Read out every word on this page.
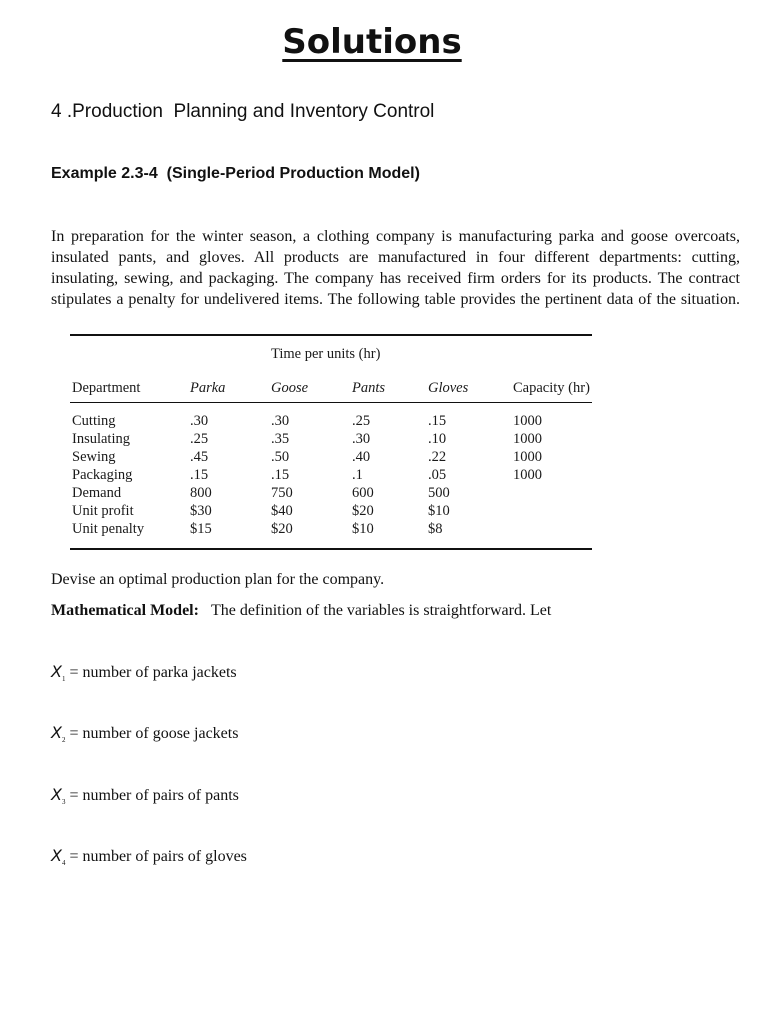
Solutions
4 .Production  Planning and Inventory Control
Example 2.3-4  (Single-Period Production Model)
In preparation for the winter season, a clothing company is manufacturing parka and goose overcoats, insulated pants, and gloves. All products are manufactured in four different departments: cutting, insulating, sewing, and packaging. The company has received firm orders for its products. The contract stipulates a penalty for undelivered items. The following table provides the pertinent data of the situation.
Time per units (hr)
Department	Parka	Goose	Pants	Gloves	Capacity (hr)
Cutting	.30	.30	.25	.15	1000
Insulating	.25	.35	.30	.10	1000
Sewing	.45	.50	.40	.22	1000
Packaging	.15	.15	.1	.05	1000
Demand	800	750	600	500
Unit profit	$30	$40	$20	$10
Unit penalty	$15	$20	$10	$8
Devise an optimal production plan for the company.
Mathematical Model: The definition of the variables is straightforward. Let
$X_1$ = number of parka jackets
$X_2$ = number of goose jackets
$X_3$ = number of pairs of pants
$X_4$ = number of pairs of gloves
